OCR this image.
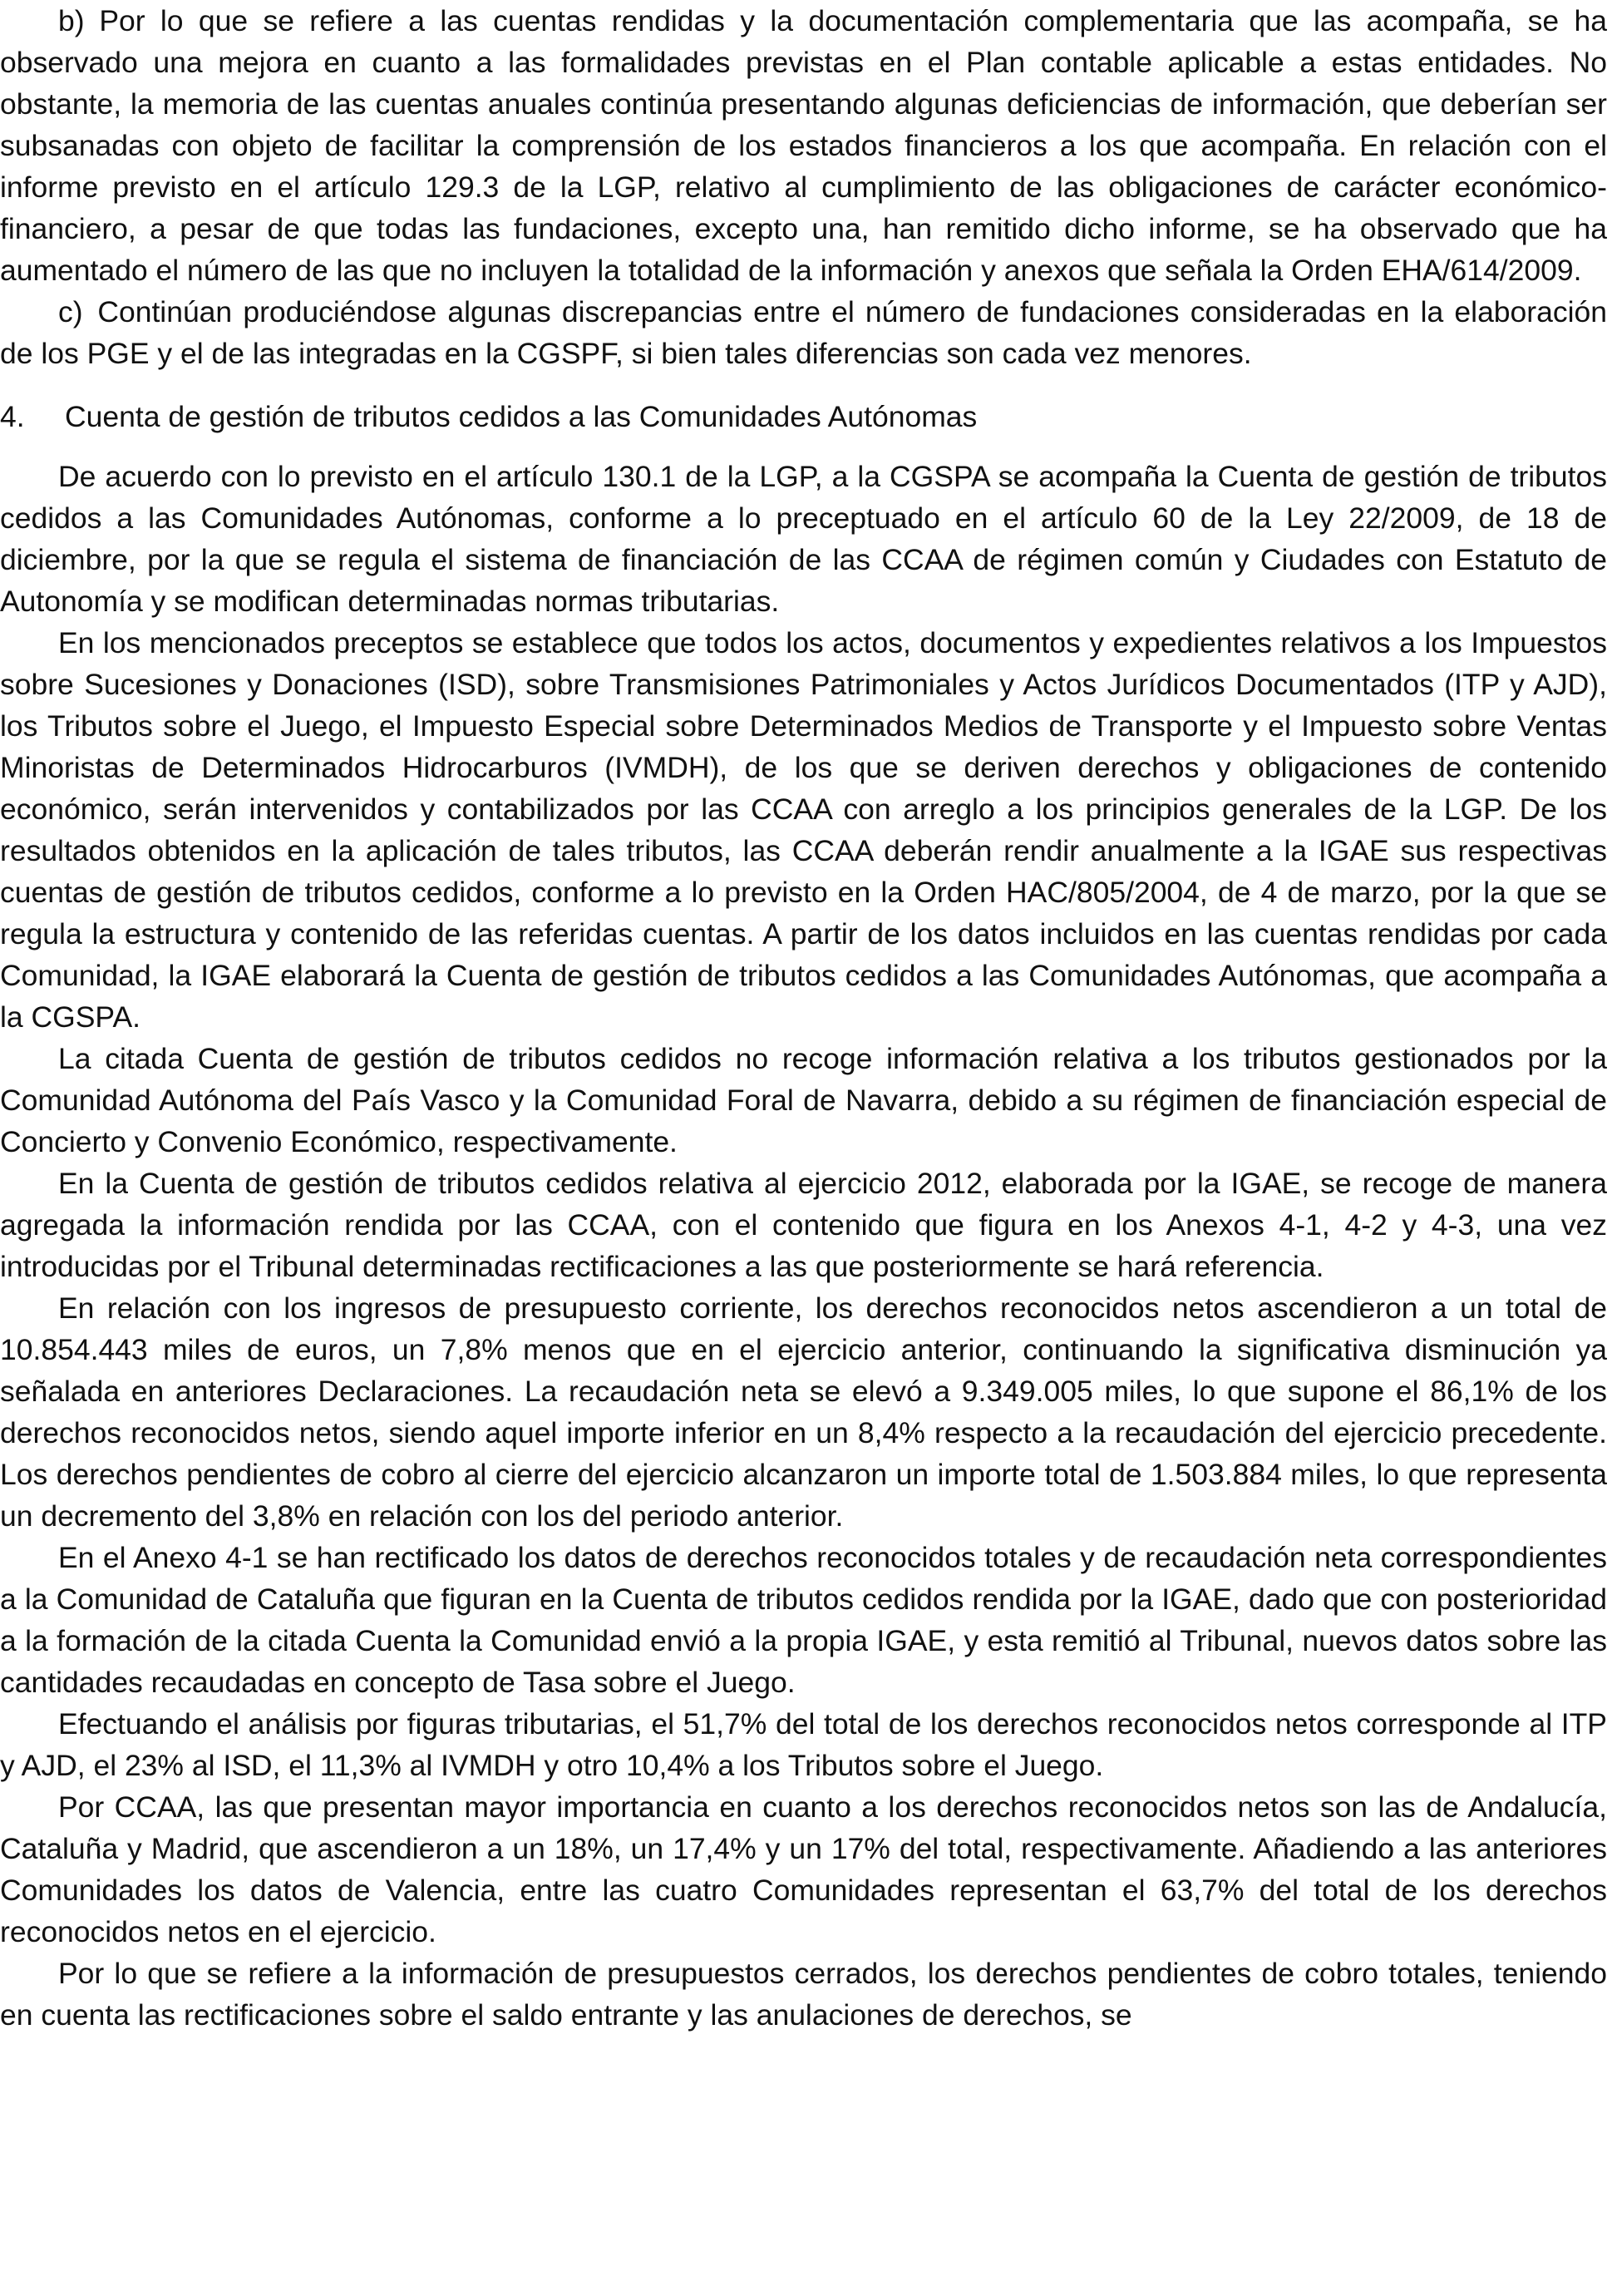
b) Por lo que se refiere a las cuentas rendidas y la documentación complementaria que las acompaña, se ha observado una mejora en cuanto a las formalidades previstas en el Plan contable aplicable a estas entidades. No obstante, la memoria de las cuentas anuales continúa presentando algunas deficiencias de información, que deberían ser subsanadas con objeto de facilitar la comprensión de los estados financieros a los que acompaña. En relación con el informe previsto en el artículo 129.3 de la LGP, relativo al cumplimiento de las obligaciones de carácter económico-financiero, a pesar de que todas las fundaciones, excepto una, han remitido dicho informe, se ha observado que ha aumentado el número de las que no incluyen la totalidad de la información y anexos que señala la Orden EHA/614/2009.

c) Continúan produciéndose algunas discrepancias entre el número de fundaciones consideradas en la elaboración de los PGE y el de las integradas en la CGSPF, si bien tales diferencias son cada vez menores.

4. Cuenta de gestión de tributos cedidos a las Comunidades Autónomas

De acuerdo con lo previsto en el artículo 130.1 de la LGP, a la CGSPA se acompaña la Cuenta de gestión de tributos cedidos a las Comunidades Autónomas, conforme a lo preceptuado en el artículo 60 de la Ley 22/2009, de 18 de diciembre, por la que se regula el sistema de financiación de las CCAA de régimen común y Ciudades con Estatuto de Autonomía y se modifican determinadas normas tributarias.

En los mencionados preceptos se establece que todos los actos, documentos y expedientes relativos a los Impuestos sobre Sucesiones y Donaciones (ISD), sobre Transmisiones Patrimoniales y Actos Jurídicos Documentados (ITP y AJD), los Tributos sobre el Juego, el Impuesto Especial sobre Determinados Medios de Transporte y el Impuesto sobre Ventas Minoristas de Determinados Hidrocarburos (IVMDH), de los que se deriven derechos y obligaciones de contenido económico, serán intervenidos y contabilizados por las CCAA con arreglo a los principios generales de la LGP. De los resultados obtenidos en la aplicación de tales tributos, las CCAA deberán rendir anualmente a la IGAE sus respectivas cuentas de gestión de tributos cedidos, conforme a lo previsto en la Orden HAC/805/2004, de 4 de marzo, por la que se regula la estructura y contenido de las referidas cuentas. A partir de los datos incluidos en las cuentas rendidas por cada Comunidad, la IGAE elaborará la Cuenta de gestión de tributos cedidos a las Comunidades Autónomas, que acompaña a la CGSPA.

La citada Cuenta de gestión de tributos cedidos no recoge información relativa a los tributos gestionados por la Comunidad Autónoma del País Vasco y la Comunidad Foral de Navarra, debido a su régimen de financiación especial de Concierto y Convenio Económico, respectivamente.

En la Cuenta de gestión de tributos cedidos relativa al ejercicio 2012, elaborada por la IGAE, se recoge de manera agregada la información rendida por las CCAA, con el contenido que figura en los Anexos 4-1, 4-2 y 4-3, una vez introducidas por el Tribunal determinadas rectificaciones a las que posteriormente se hará referencia.

En relación con los ingresos de presupuesto corriente, los derechos reconocidos netos ascendieron a un total de 10.854.443 miles de euros, un 7,8% menos que en el ejercicio anterior, continuando la significativa disminución ya señalada en anteriores Declaraciones. La recaudación neta se elevó a 9.349.005 miles, lo que supone el 86,1% de los derechos reconocidos netos, siendo aquel importe inferior en un 8,4% respecto a la recaudación del ejercicio precedente. Los derechos pendientes de cobro al cierre del ejercicio alcanzaron un importe total de 1.503.884 miles, lo que representa un decremento del 3,8% en relación con los del periodo anterior.

En el Anexo 4-1 se han rectificado los datos de derechos reconocidos totales y de recaudación neta correspondientes a la Comunidad de Cataluña que figuran en la Cuenta de tributos cedidos rendida por la IGAE, dado que con posterioridad a la formación de la citada Cuenta la Comunidad envió a la propia IGAE, y esta remitió al Tribunal, nuevos datos sobre las cantidades recaudadas en concepto de Tasa sobre el Juego.

Efectuando el análisis por figuras tributarias, el 51,7% del total de los derechos reconocidos netos corresponde al ITP y AJD, el 23% al ISD, el 11,3% al IVMDH y otro 10,4% a los Tributos sobre el Juego.

Por CCAA, las que presentan mayor importancia en cuanto a los derechos reconocidos netos son las de Andalucía, Cataluña y Madrid, que ascendieron a un 18%, un 17,4% y un 17% del total, respectivamente. Añadiendo a las anteriores Comunidades los datos de Valencia, entre las cuatro Comunidades representan el 63,7% del total de los derechos reconocidos netos en el ejercicio.

Por lo que se refiere a la información de presupuestos cerrados, los derechos pendientes de cobro totales, teniendo en cuenta las rectificaciones sobre el saldo entrante y las anulaciones de derechos, se
